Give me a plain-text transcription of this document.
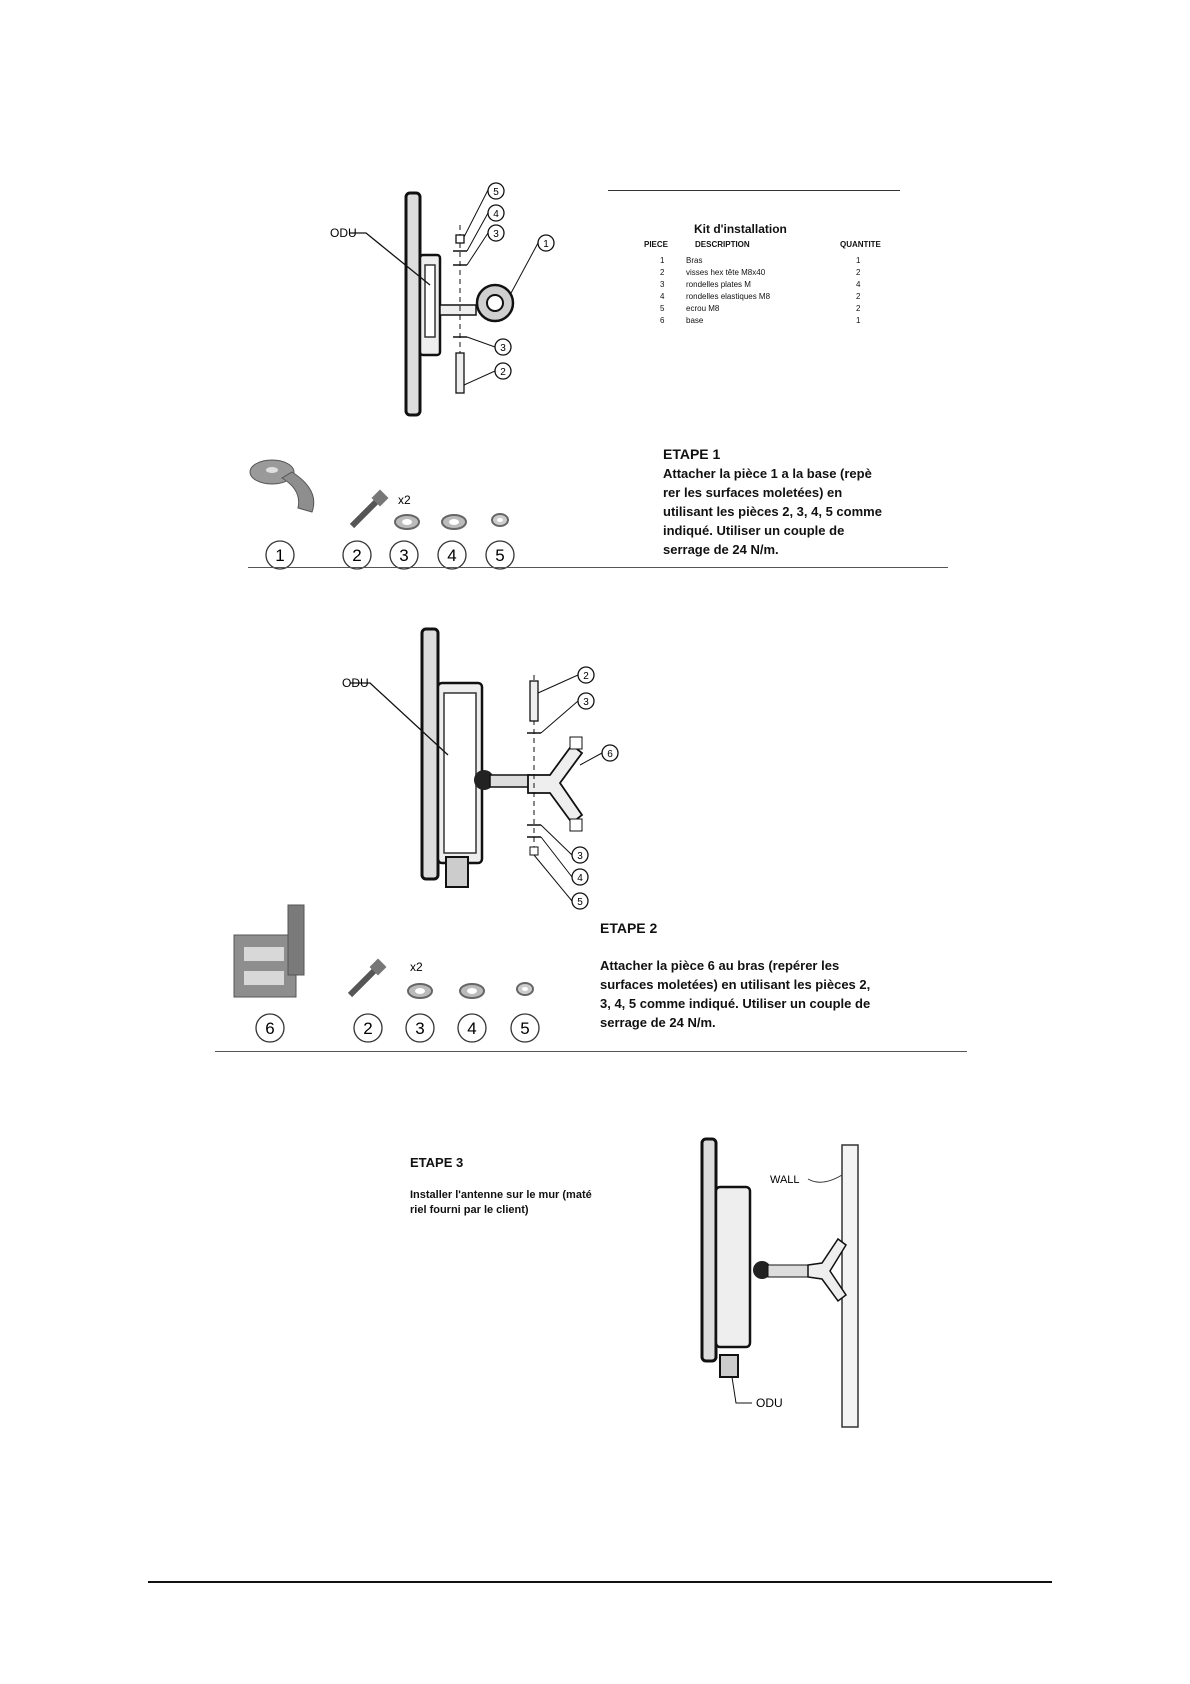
5
4
3
1
3
2
ODU	Kit d'installation
PIECE	DESCRIPTION	QUANTITE
1	Bras	1
2	visses hex tête M8x40	2
3	rondelles plates M	4
4	rondelles elastiques M8	2
5	ecrou M8	2
6	base	1
x2
1	2 3 4 5
ETAPE 1
Attacher la pièce 1 a la base (repè
rer les surfaces moletées) en
utilisant les pièces 2, 3, 4, 5 comme
indiqué. Utiliser un couple de
serrage de 24 N/m.
2
3
6
3
4
5
ODU
x2
6	2	3	4	5
ETAPE 2
Attacher la pièce 6 au bras (repérer les
surfaces moletées) en utilisant les pièces 2,
3, 4, 5 comme indiqué. Utiliser un couple de
serrage de 24 N/m.
ETAPE 3
Installer l'antenne sur le mur (maté
riel fourni par le client)
WALL
ODU
